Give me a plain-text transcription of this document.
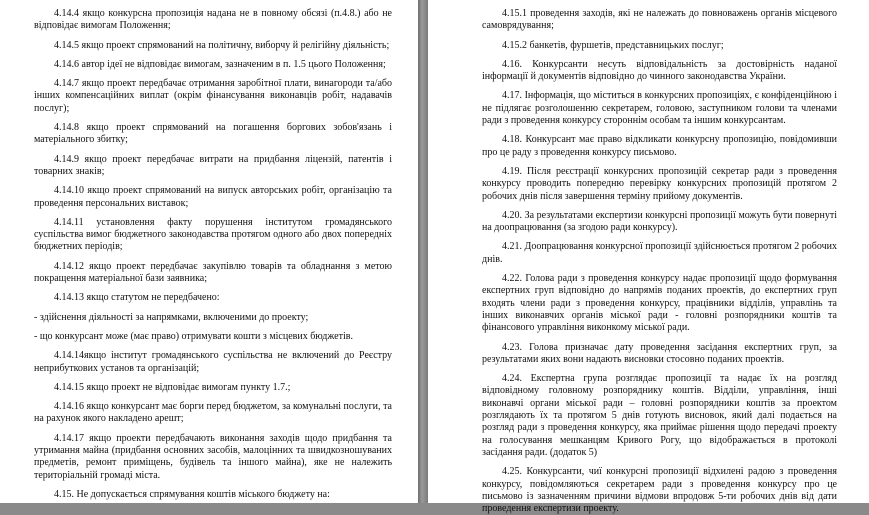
4.14.4 якщо конкурсна пропозиція надана не в повному обсязі (п.4.8.) або не відповідає вимогам Положення;

4.14.5 якщо проект спрямований на політичну, виборчу й релігійну діяльність;

4.14.6 автор ідеї не відповідає вимогам, зазначеним в п. 1.5 цього Положення;

4.14.7 якщо проект передбачає отримання заробітної плати, винагороди та/або інших компенсаційних виплат (окрім фінансування виконавців робіт, надавачів послуг);

4.14.8 якщо проект спрямований на погашення боргових зобов'язань і матеріального збитку;

4.14.9 якщо проект передбачає витрати на придбання ліцензій, патентів і товарних знаків;

4.14.10 якщо проект спрямований на випуск авторських робіт, організацію та проведення персональних виставок;

4.14.11 установлення факту порушення інститутом громадянського суспільства вимог бюджетного законодавства протягом одного або двох попередніх бюджетних періодів;

4.14.12 якщо проект передбачає закупівлю товарів та обладнання з метою покращення матеріальної бази заявника;

4.14.13 якщо статутом не передбачено:

- здійснення діяльності за напрямками, включеними до проекту;

- що конкурсант може (має право) отримувати кошти з місцевих бюджетів.

4.14.14якщо інститут громадянського суспільства не включений до Реєстру неприбуткових установ та організацій;

4.14.15 якщо проект не відповідає вимогам пункту 1.7.;

4.14.16 якщо конкурсант має борги перед бюджетом, за комунальні послуги, та на рахунок якого накладено арешт;

4.14.17 якщо проекти передбачають виконання заходів щодо придбання та утримання майна (придбання основних засобів, малоцінних та швидкозношуваних предметів, ремонт приміщень, будівель та іншого майна), яке не належить територіальній громаді міста.

4.15. Не допускається спрямування коштів міського бюджету на:

4.15.1 проведення заходів, які не належать до повноважень органів місцевого самоврядування;

4.15.2 банкетів, фуршетів, представницьких послуг;

4.16. Конкурсанти несуть відповідальність за достовірність наданої інформації й документів відповідно до чинного законодавства України.

4.17. Інформація, що міститься в конкурсних пропозиціях, є конфіденційною і не підлягає розголошенню секретарем, головою, заступником голови та членами ради з проведення конкурсу стороннім особам та іншим конкурсантам.

4.18. Конкурсант має право відкликати конкурсну пропозицію, повідомивши про це раду з проведення конкурсу письмово.

4.19. Після реєстрації конкурсних пропозицій секретар ради з проведення конкурсу проводить попередню перевірку конкурсних пропозицій протягом 2 робочих днів після завершення терміну прийому документів.

4.20. За результатами експертизи конкурсні пропозиції можуть бути повернуті на доопрацювання (за згодою ради конкурсу).

4.21. Доопрацювання конкурсної пропозиції здійснюється протягом 2 робочих днів.

4.22. Голова ради з проведення конкурсу надає пропозиції щодо формування експертних груп відповідно до напрямів поданих проектів, до експертних груп входять члени ради з проведення конкурсу, працівники відділів, управлінь та інших виконавчих органів міської ради - головні розпорядники коштів та фінансового управління виконкому міської ради.

4.23. Голова призначає дату проведення засідання експертних груп, за результатами яких вони надають висновки стосовно поданих проектів.

4.24. Експертна група розглядає пропозиції та надає їх на розгляд відповідному головному розпоряднику коштів. Відділи, управління, інші виконавчі органи міської ради – головні розпорядники коштів за проектом розглядають їх та протягом 5 днів готують висновок, який далі подається на розгляд ради з проведення конкурсу, яка приймає рішення щодо передачі проекту на голосування мешканцям Кривого Рогу, що відображається в протоколі засідання ради. (додаток 5)

4.25. Конкурсанти, чиї конкурсні пропозиції відхилені радою з проведення конкурсу, повідомляються секретарем ради з проведення конкурсу про це письмово із зазначенням причини відмови впродовж 5-ти робочих днів від дати проведення експертизи проекту.
